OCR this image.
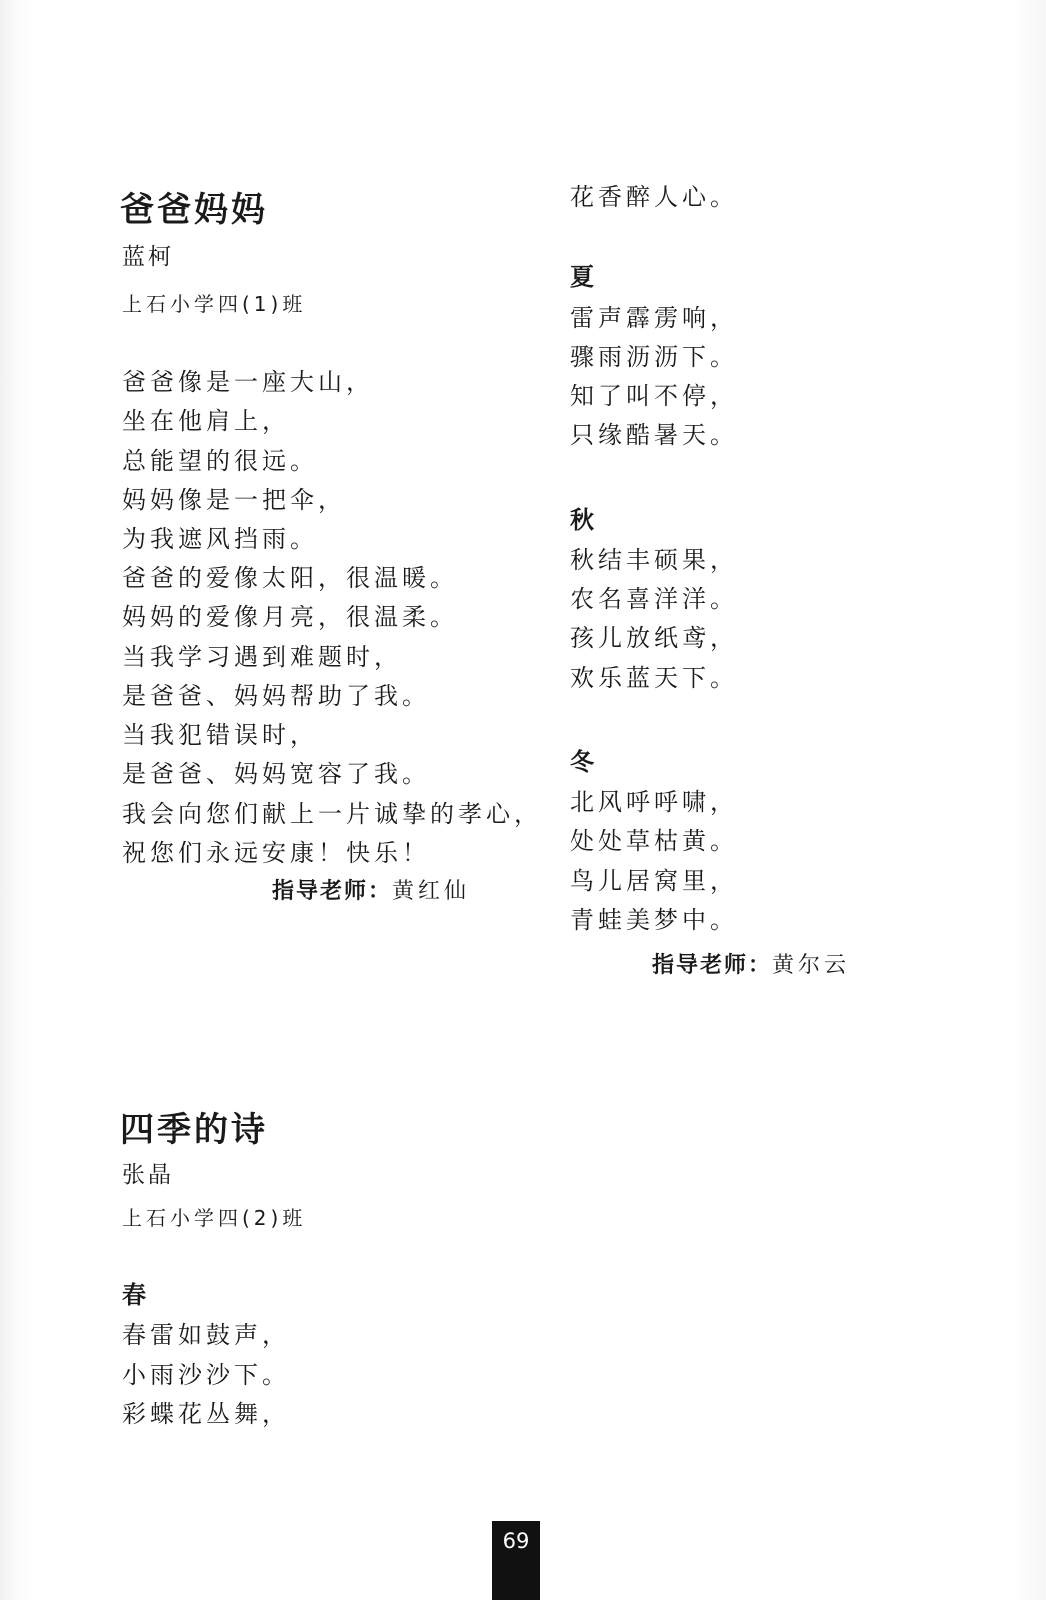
爸爸妈妈
蓝柯
上石小学四(1)班
爸爸像是一座大山，
坐在他肩上，
总能望的很远。
妈妈像是一把伞，
为我遮风挡雨。
爸爸的爱像太阳，很温暖。
妈妈的爱像月亮，很温柔。
当我学习遇到难题时，
是爸爸、妈妈帮助了我。
当我犯错误时，
是爸爸、妈妈宽容了我。
我会向您们献上一片诚挚的孝心，
祝您们永远安康！快乐！
指导老师：黄红仙
四季的诗
张晶
上石小学四(2)班
春
春雷如鼓声，
小雨沙沙下。
彩蝶花丛舞，
花香醉人心。
夏
雷声霹雳响，
骤雨沥沥下。
知了叫不停，
只缘酷暑天。
秋
秋结丰硕果，
农名喜洋洋。
孩儿放纸鸢，
欢乐蓝天下。
冬
北风呼呼啸，
处处草枯黄。
鸟儿居窝里，
青蛙美梦中。
指导老师：黄尔云
69
